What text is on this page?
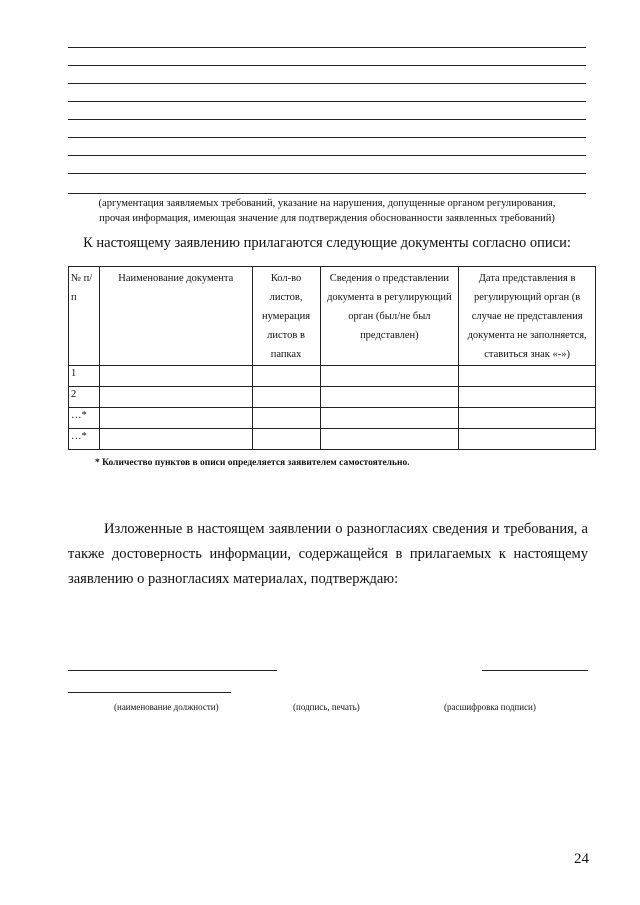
(аргументация заявляемых требований, указание на нарушения, допущенные органом регулирования,
прочая информация, имеющая значение для подтверждения обоснованности заявленных требований)
К настоящему заявлению прилагаются следующие документы согласно описи:
№ п/п	Наименование документа	Кол-во листов, нумерация листов в папках	Сведения о представлении документа в регулирующий орган (был/не был представлен)	Дата представления в регулирующий орган (в случае не представления документа не заполняется, ставиться знак «-»)
1				
2				
…*				
…*				
* Количество пунктов в описи определяется заявителем самостоятельно.
Изложенные в настоящем заявлении о разногласиях сведения и требования, а также достоверность информации, содержащейся в прилагаемых к настоящему заявлению о разногласиях материалах, подтверждаю:
(наименование должности)	(подпись, печать)	(расшифровка подписи)
24
